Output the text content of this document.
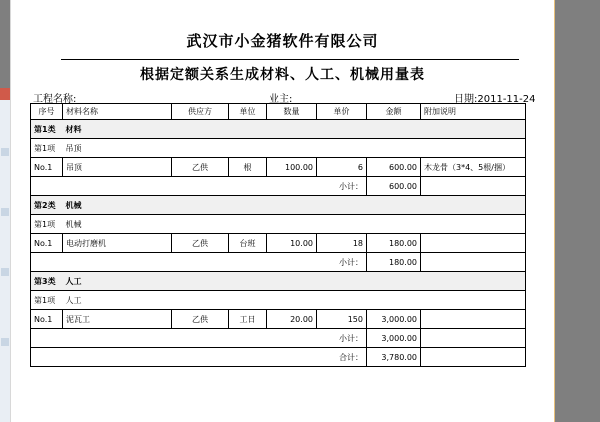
武汉市小金猪软件有限公司
根据定额关系生成材料、人工、机械用量表
工程名称:	业主:	日期:2011-11-24
序号	材料名称	供应方	单位	数量	单价	金额	附加说明
第1类	材料						
第1项	吊顶						
No.1	吊顶	乙供	根	100.00	6	600.00	木龙骨（3*4、5根/捆）
小计：						600.00	
第2类	机械						
第1项	机械						
No.1	电动打磨机	乙供	台班	10.00	18	180.00	
小计：						180.00	
第3类	人工						
第1项	人工						
No.1	泥瓦工	乙供	工日	20.00	150	3,000.00	
小计：						3,000.00	
合计：						3,780.00	
